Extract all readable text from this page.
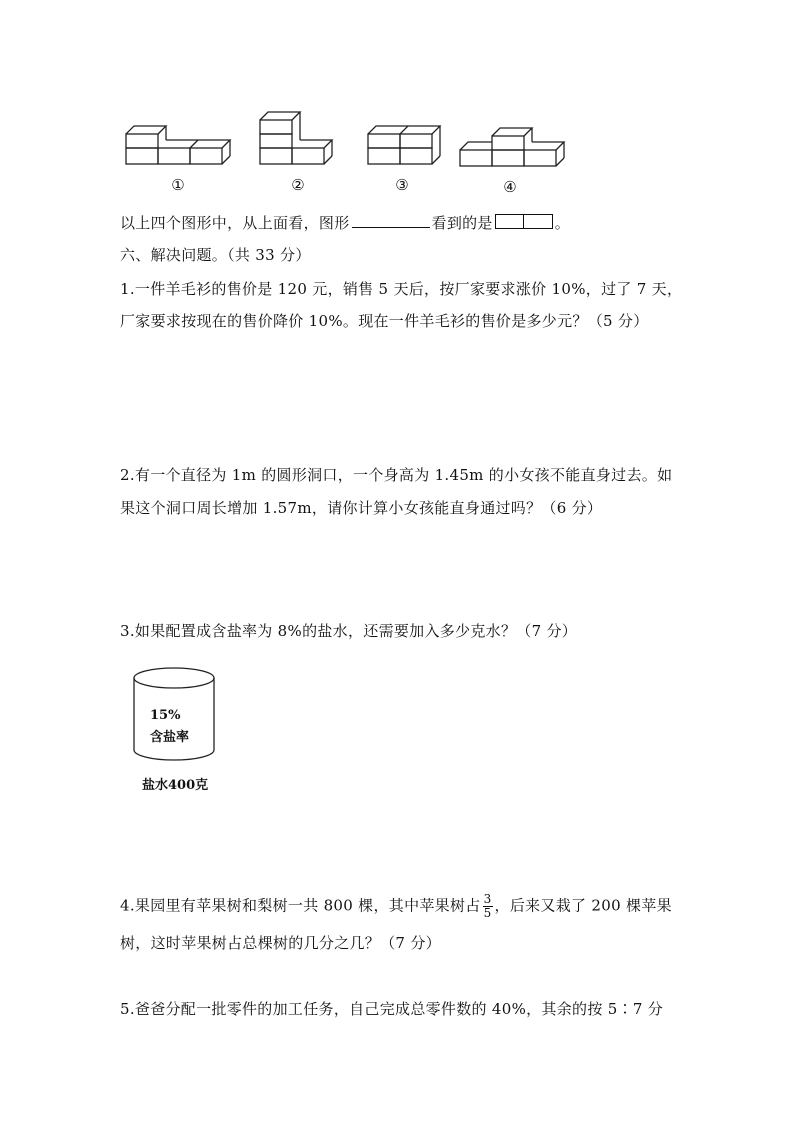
①	②	③	④
以上四个图形中，从上面看，图形	看到的是	。
六、解决问题。（共 33 分）
1.一件羊毛衫的售价是 120 元，销售 5 天后，按厂家要求涨价 10%，过了 7 天，
厂家要求按现在的售价降价 10%。现在一件羊毛衫的售价是多少元？（5 分）
2.有一个直径为 1m 的圆形洞口，一个身高为 1.45m 的小女孩不能直身过去。如
果这个洞口周长增加 1.57m，请你计算小女孩能直身通过吗？（6 分）
3.如果配置成含盐率为 8%的盐水，还需要加入多少克水？（7 分）
15%
含盐率
盐水400克
4.果园里有苹果树和梨树一共 800 棵，其中苹果树占 $\frac{3}{5}$ ，后来又栽了 200 棵苹果
树，这时苹果树占总棵树的几分之几？（7 分）
5.爸爸分配一批零件的加工任务，自己完成总零件数的 40%，其余的按 5∶7 分
